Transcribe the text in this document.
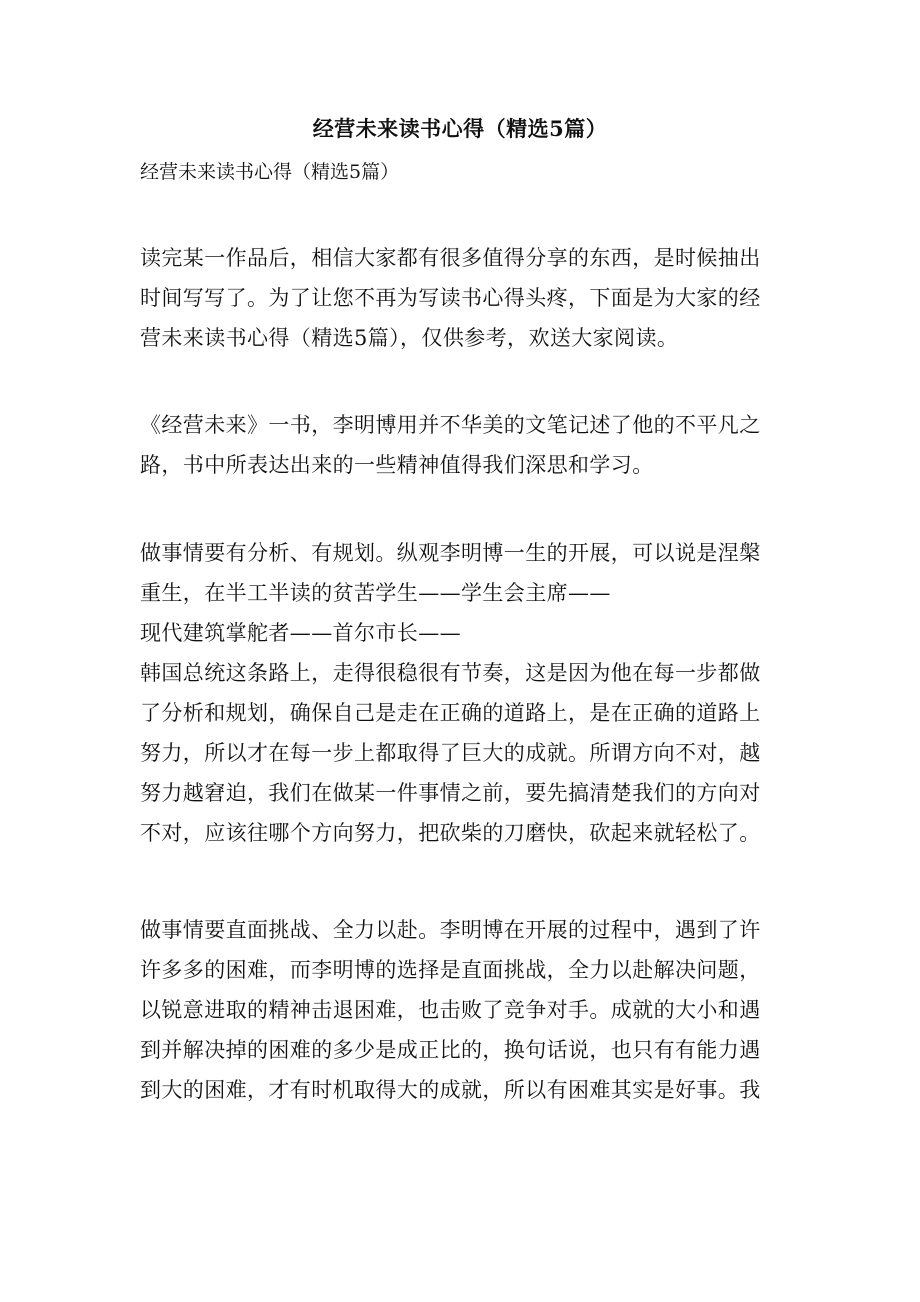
经营未来读书心得（精选5篇）
经营未来读书心得（精选5篇）
读完某一作品后，相信大家都有很多值得分享的东西，是时候抽出
时间写写了。为了让您不再为写读书心得头疼，下面是为大家的经
营未来读书心得（精选5篇），仅供参考，欢送大家阅读。
《经营未来》一书，李明博用并不华美的文笔记述了他的不平凡之
路，书中所表达出来的一些精神值得我们深思和学习。
做事情要有分析、有规划。纵观李明博一生的开展，可以说是涅槃
重生，在半工半读的贫苦学生——学生会主席——
现代建筑掌舵者——首尔市长——
韩国总统这条路上，走得很稳很有节奏，这是因为他在每一步都做
了分析和规划，确保自己是走在正确的道路上，是在正确的道路上
努力，所以才在每一步上都取得了巨大的成就。所谓方向不对，越
努力越窘迫，我们在做某一件事情之前，要先搞清楚我们的方向对
不对，应该往哪个方向努力，把砍柴的刀磨快，砍起来就轻松了。
做事情要直面挑战、全力以赴。李明博在开展的过程中，遇到了许
许多多的困难，而李明博的选择是直面挑战，全力以赴解决问题，
以锐意进取的精神击退困难，也击败了竞争对手。成就的大小和遇
到并解决掉的困难的多少是成正比的，换句话说，也只有有能力遇
到大的困难，才有时机取得大的成就，所以有困难其实是好事。我
